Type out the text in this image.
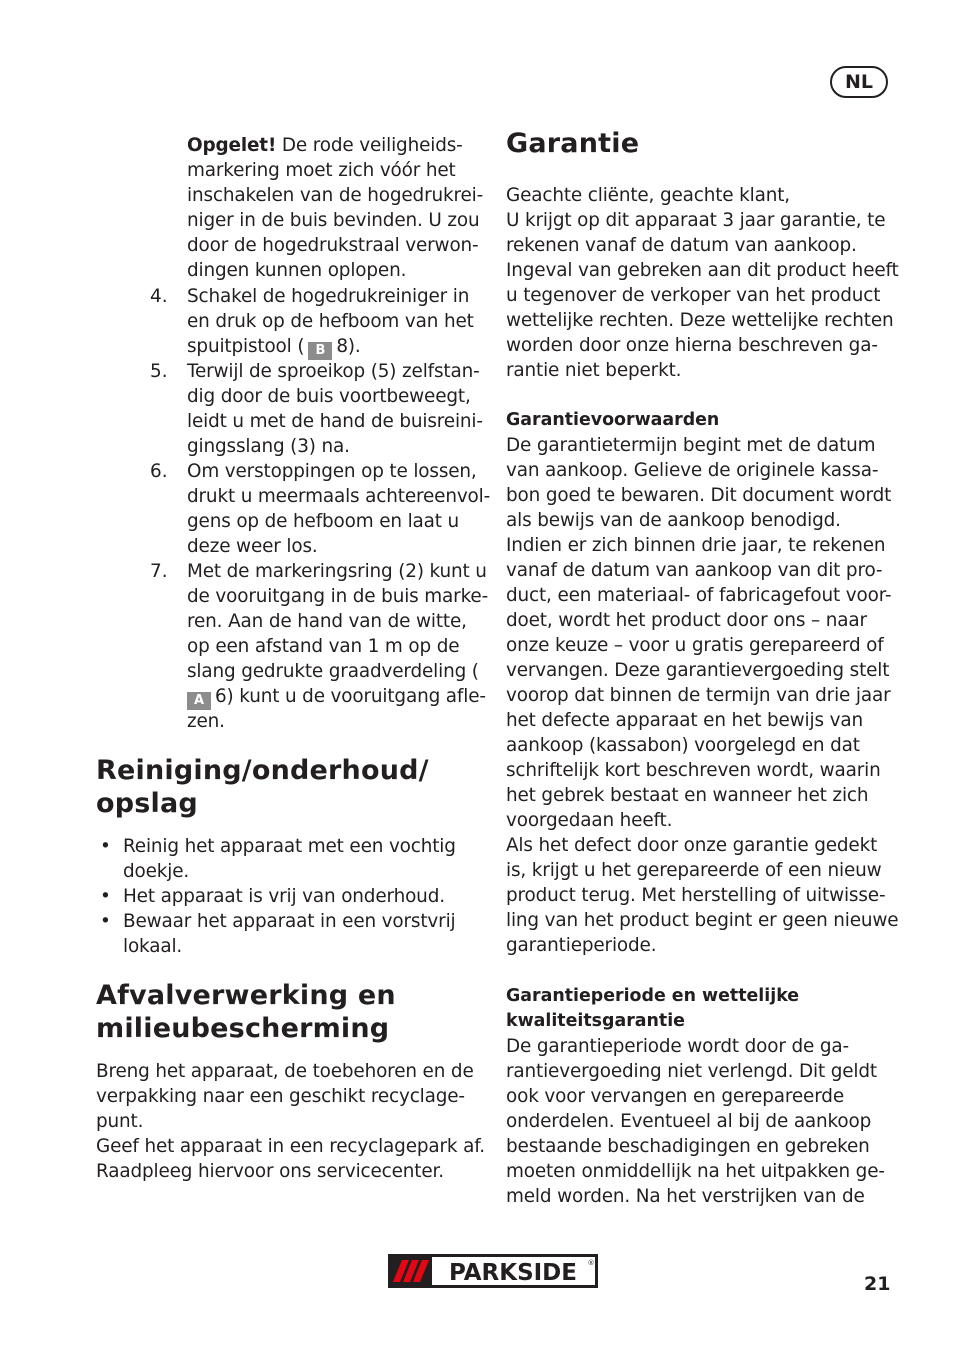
NL
Opgelet! De rode veiligheids-
markering moet zich vóór het
inschakelen van de hogedrukrei-
niger in de buis bevinden. U zou
door de hogedrukstraal verwon-
dingen kunnen oplopen.
4. Schakel de hogedrukreiniger in
en druk op de hefboom van het
spuitpistool ( B 8).
5. Terwijl de sproeikop (5) zelfstan-
dig door de buis voortbeweegt,
leidt u met de hand de buisreini-
gingsslang (3) na.
6. Om verstoppingen op te lossen,
drukt u meermaals achtereenvol-
gens op de hefboom en laat u
deze weer los.
7. Met de markeringsring (2) kunt u
de vooruitgang in de buis marke-
ren. Aan de hand van de witte,
op een afstand van 1 m op de
slang gedrukte graadverdeling (
A 6) kunt u de vooruitgang afle-
zen.
Reiniging/onderhoud/
opslag
• Reinig het apparaat met een vochtig
doekje.
• Het apparaat is vrij van onderhoud.
• Bewaar het apparaat in een vorstvrij
lokaal.
Afvalverwerking en
milieubescherming
Breng het apparaat, de toebehoren en de
verpakking naar een geschikt recyclage-
punt.
Geef het apparaat in een recyclagepark af.
Raadpleeg hiervoor ons servicecenter.
Garantie
Geachte cliënte, geachte klant,
U krijgt op dit apparaat 3 jaar garantie, te
rekenen vanaf de datum van aankoop.
Ingeval van gebreken aan dit product heeft
u tegenover de verkoper van het product
wettelijke rechten. Deze wettelijke rechten
worden door onze hierna beschreven ga-
rantie niet beperkt.
Garantievoorwaarden
De garantietermijn begint met de datum
van aankoop. Gelieve de originele kassa-
bon goed te bewaren. Dit document wordt
als bewijs van de aankoop benodigd.
Indien er zich binnen drie jaar, te rekenen
vanaf de datum van aankoop van dit pro-
duct, een materiaal- of fabricagefout voor-
doet, wordt het product door ons – naar
onze keuze – voor u gratis gerepareerd of
vervangen. Deze garantievergoeding stelt
voorop dat binnen de termijn van drie jaar
het defecte apparaat en het bewijs van
aankoop (kassabon) voorgelegd en dat
schriftelijk kort beschreven wordt, waarin
het gebrek bestaat en wanneer het zich
voorgedaan heeft.
Als het defect door onze garantie gedekt
is, krijgt u het gerepareerde of een nieuw
product terug. Met herstelling of uitwisse-
ling van het product begint er geen nieuwe
garantieperiode.
Garantieperiode en wettelijke
kwaliteitsgarantie
De garantieperiode wordt door de ga-
rantievergoeding niet verlengd. Dit geldt
ook voor vervangen en gerepareerde
onderdelen. Eventueel al bij de aankoop
bestaande beschadigingen en gebreken
moeten onmiddellijk na het uitpakken ge-
meld worden. Na het verstrijken van de
PARKSIDE ®
21
